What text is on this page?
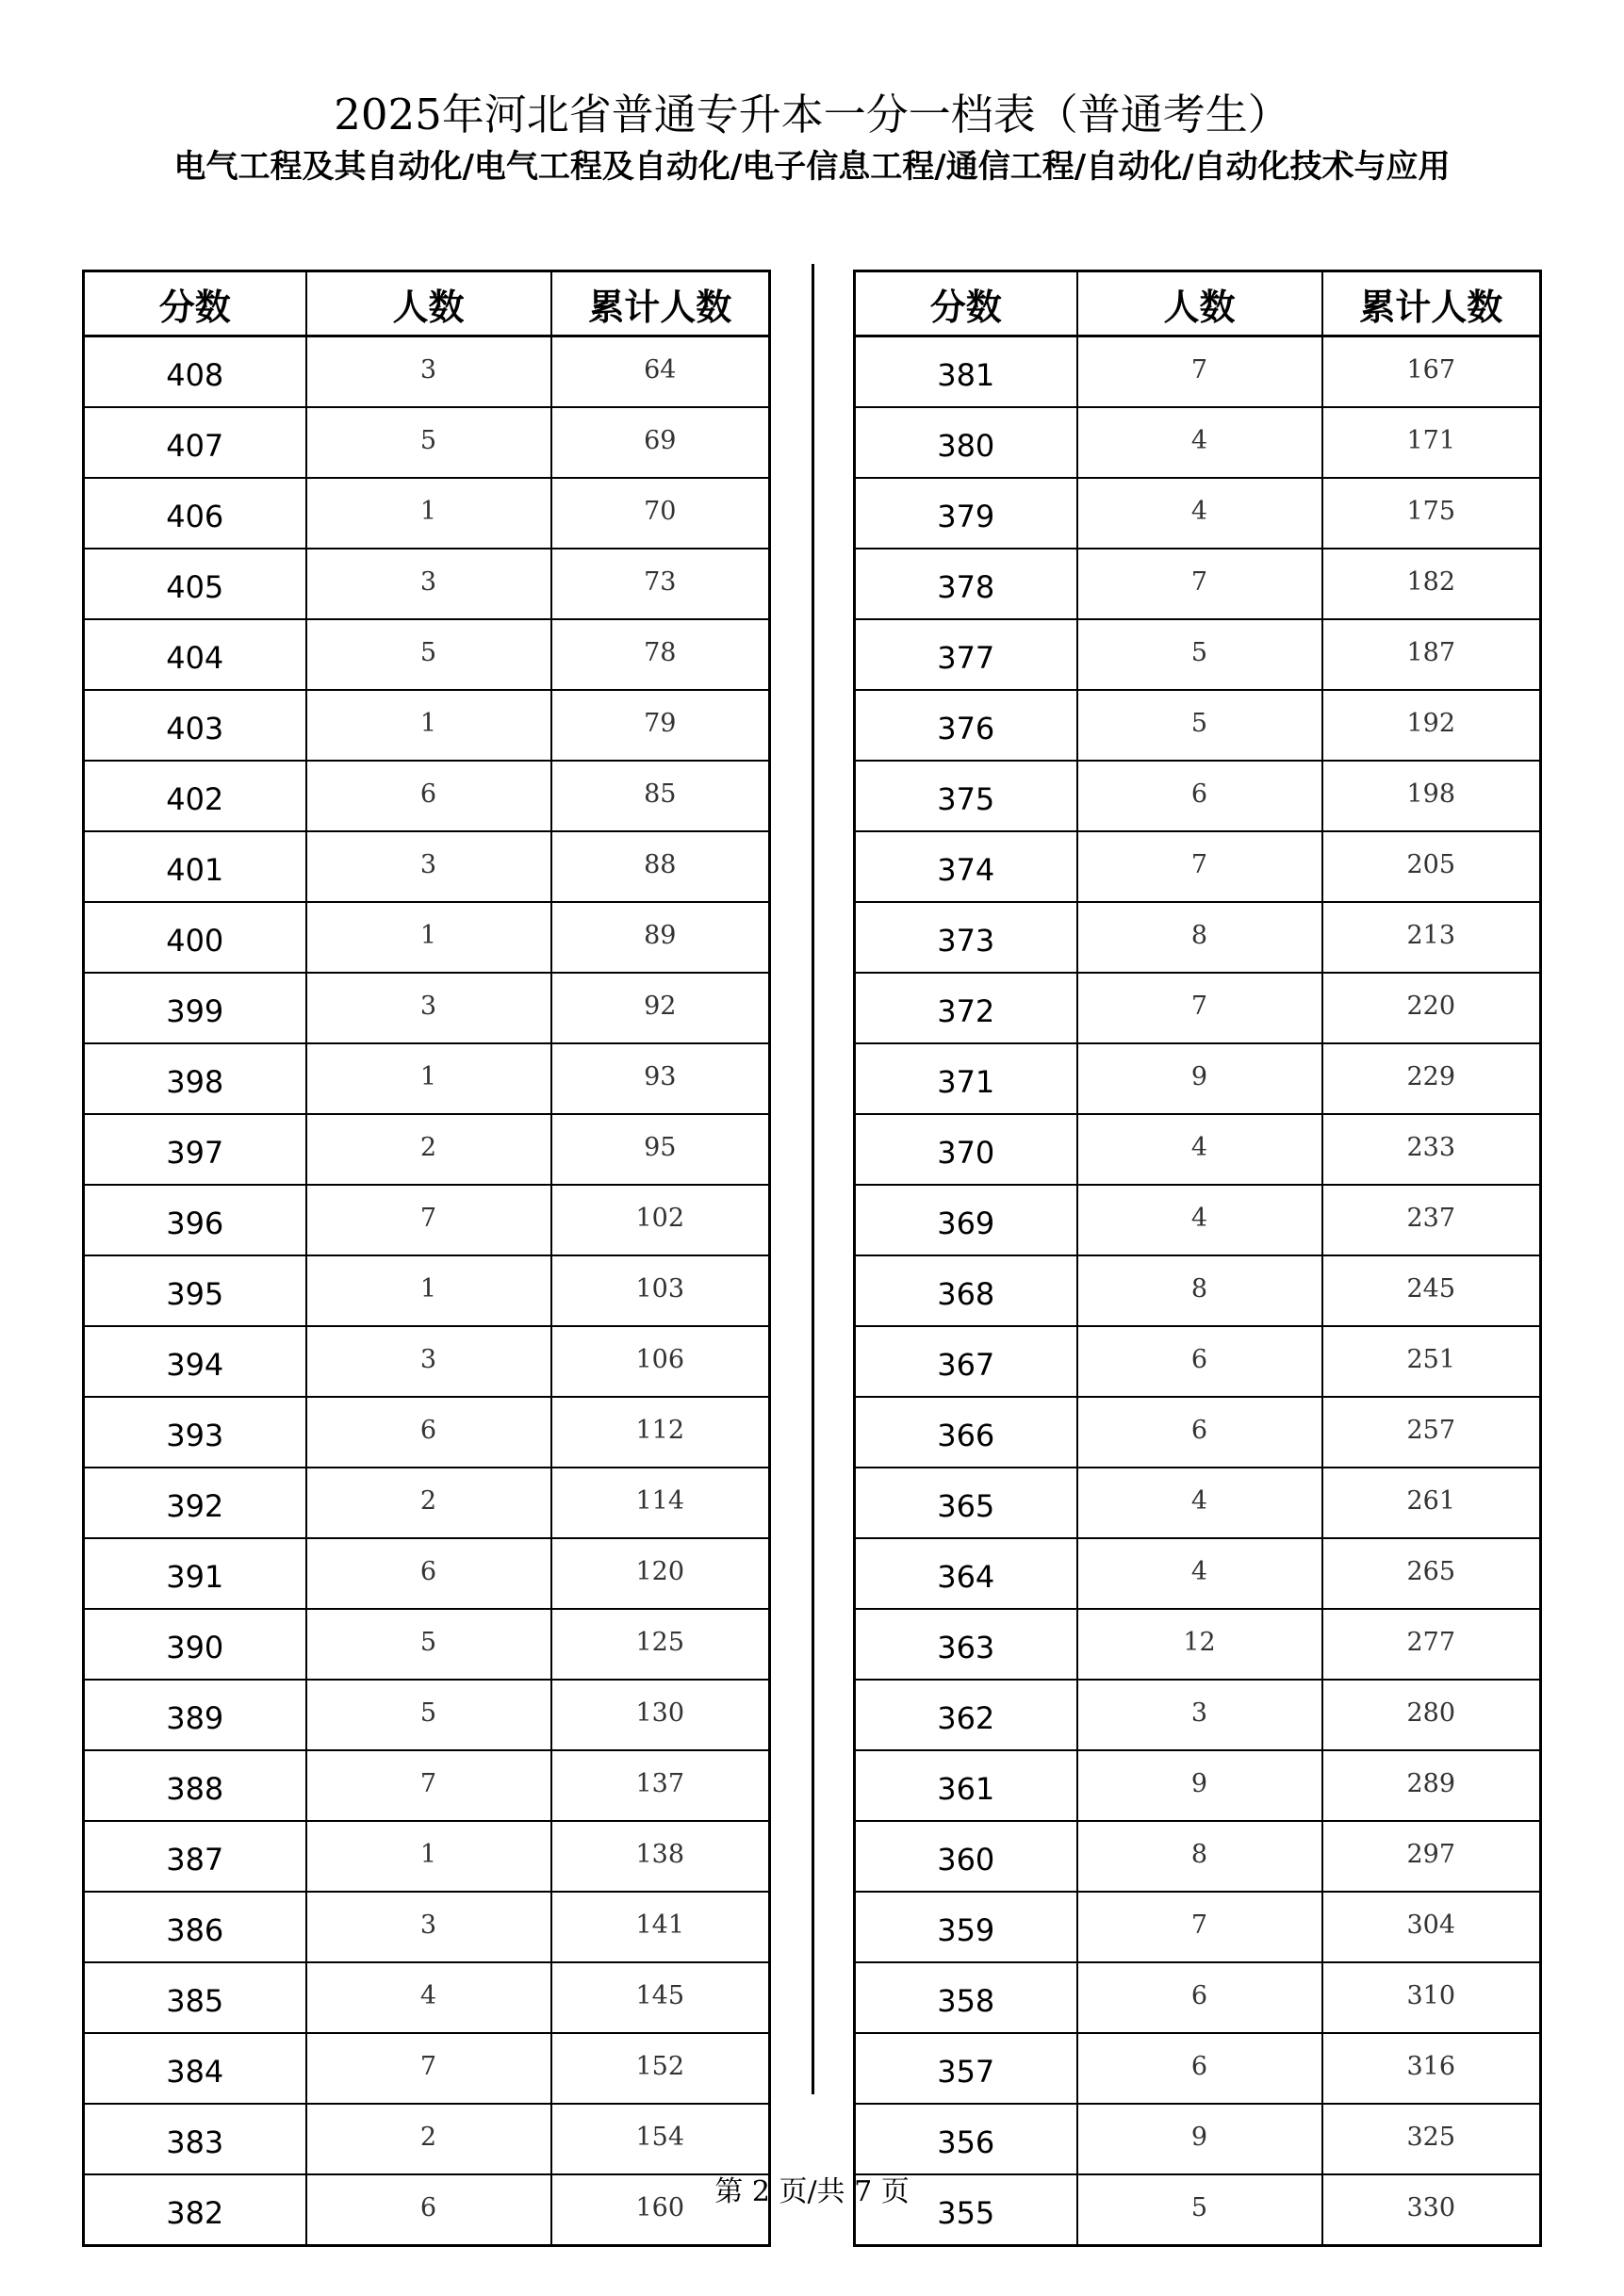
2025年河北省普通专升本一分一档表（普通考生）
电气工程及其自动化/电气工程及自动化/电子信息工程/通信工程/自动化/自动化技术与应用
分数	人数	累计人数
408	3	64
407	5	69
406	1	70
405	3	73
404	5	78
403	1	79
402	6	85
401	3	88
400	1	89
399	3	92
398	1	93
397	2	95
396	7	102
395	1	103
394	3	106
393	6	112
392	2	114
391	6	120
390	5	125
389	5	130
388	7	137
387	1	138
386	3	141
385	4	145
384	7	152
383	2	154
382	6	160
分数	人数	累计人数
381	7	167
380	4	171
379	4	175
378	7	182
377	5	187
376	5	192
375	6	198
374	7	205
373	8	213
372	7	220
371	9	229
370	4	233
369	4	237
368	8	245
367	6	251
366	6	257
365	4	261
364	4	265
363	12	277
362	3	280
361	9	289
360	8	297
359	7	304
358	6	310
357	6	316
356	9	325
355	5	330
第 2 页/共 7 页
